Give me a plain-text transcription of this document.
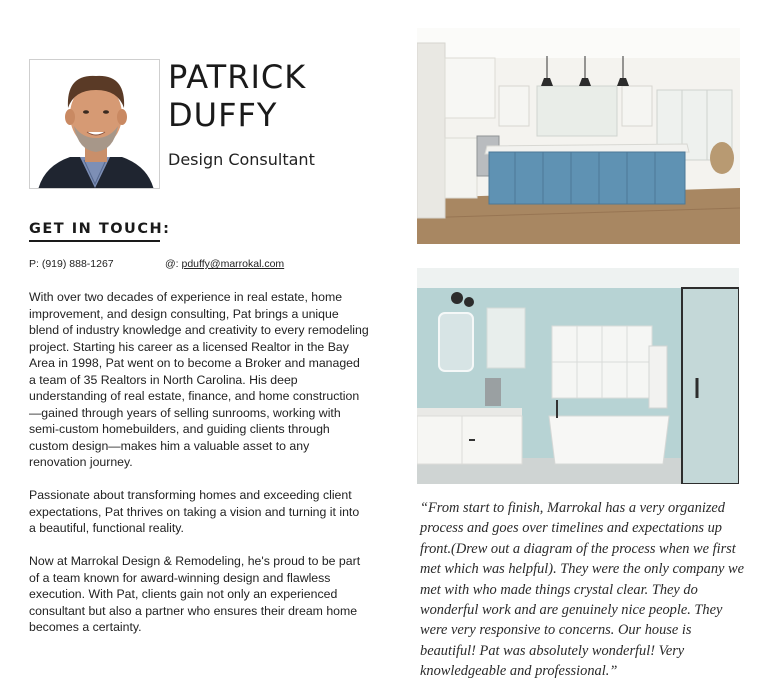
PATRICK
DUFFY
Design Consultant
GET IN TOUCH:
P: (919) 888-1267	@: pduffy@marrokal.com

With over two decades of experience in real estate, home improvement, and design consulting, Pat brings a unique blend of industry knowledge and creativity to every remodeling project. Starting his career as a licensed Realtor in the Bay Area in 1998, Pat went on to become a Broker and managed a team of 35 Realtors in North Carolina. His deep understanding of real estate, finance, and home construction—gained through years of selling sunrooms, working with semi-custom homebuilders, and guiding clients through custom design—makes him a valuable asset to any renovation journey.

Passionate about transforming homes and exceeding client expectations, Pat thrives on taking a vision and turning it into a beautiful, functional reality.

Now at Marrokal Design & Remodeling, he's proud to be part of a team known for award-winning design and flawless execution. With Pat, clients gain not only an experienced consultant but also a partner who ensures their dream home becomes a certainty.

“From start to finish, Marrokal has a very organized process and goes over timelines and expectations up front.(Drew out a diagram of the process when we first met which was helpful). They were the only company we met with who made things crystal clear. They do wonderful work and are genuinely nice people. They were very responsive to concerns. Our house is beautiful! Pat was absolutely wonderful! Very knowledgeable and professional.”
